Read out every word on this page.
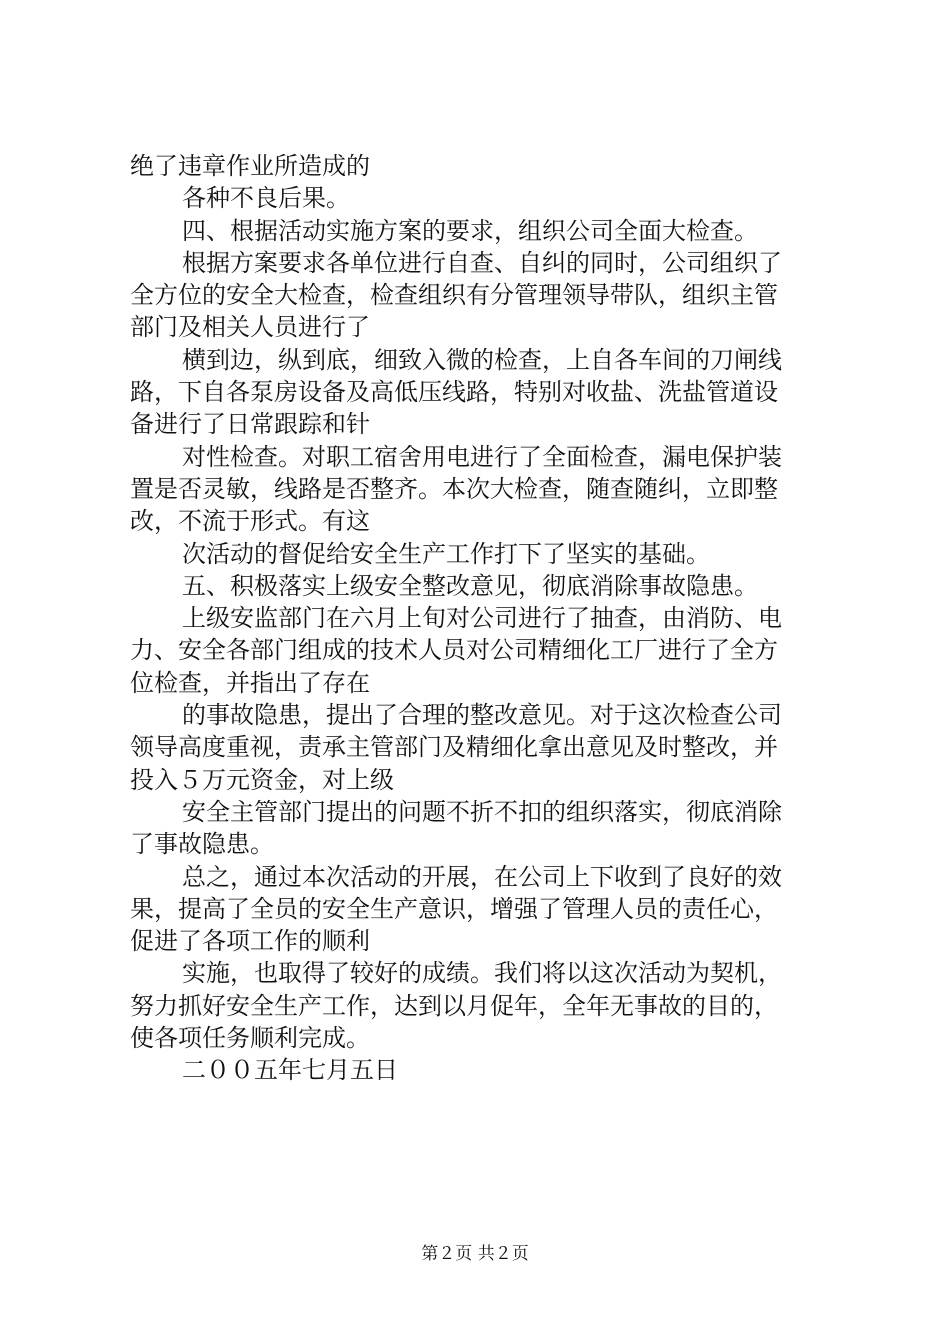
绝了违章作业所造成的
各种不良后果。
四、根据活动实施方案的要求，组织公司全面大检查。
根据方案要求各单位进行自查、自纠的同时，公司组织了
全方位的安全大检查，检查组织有分管理领导带队，组织主管
部门及相关人员进行了
横到边，纵到底，细致入微的检查，上自各车间的刀闸线
路，下自各泵房设备及高低压线路，特别对收盐、洗盐管道设
备进行了日常跟踪和针
对性检查。对职工宿舍用电进行了全面检查，漏电保护装
置是否灵敏，线路是否整齐。本次大检查，随查随纠，立即整
改，不流于形式。有这
次活动的督促给安全生产工作打下了坚实的基础。
五、积极落实上级安全整改意见，彻底消除事故隐患。
上级安监部门在六月上旬对公司进行了抽查，由消防、电
力、安全各部门组成的技术人员对公司精细化工厂进行了全方
位检查，并指出了存在
的事故隐患，提出了合理的整改意见。对于这次检查公司
领导高度重视，责承主管部门及精细化拿出意见及时整改，并
投入５万元资金，对上级
安全主管部门提出的问题不折不扣的组织落实，彻底消除
了事故隐患。
总之，通过本次活动的开展，在公司上下收到了良好的效
果，提高了全员的安全生产意识，增强了管理人员的责任心，
促进了各项工作的顺利
实施，也取得了较好的成绩。我们将以这次活动为契机，
努力抓好安全生产工作，达到以月促年，全年无事故的目的，
使各项任务顺利完成。
二００五年七月五日
第２页 共２页
